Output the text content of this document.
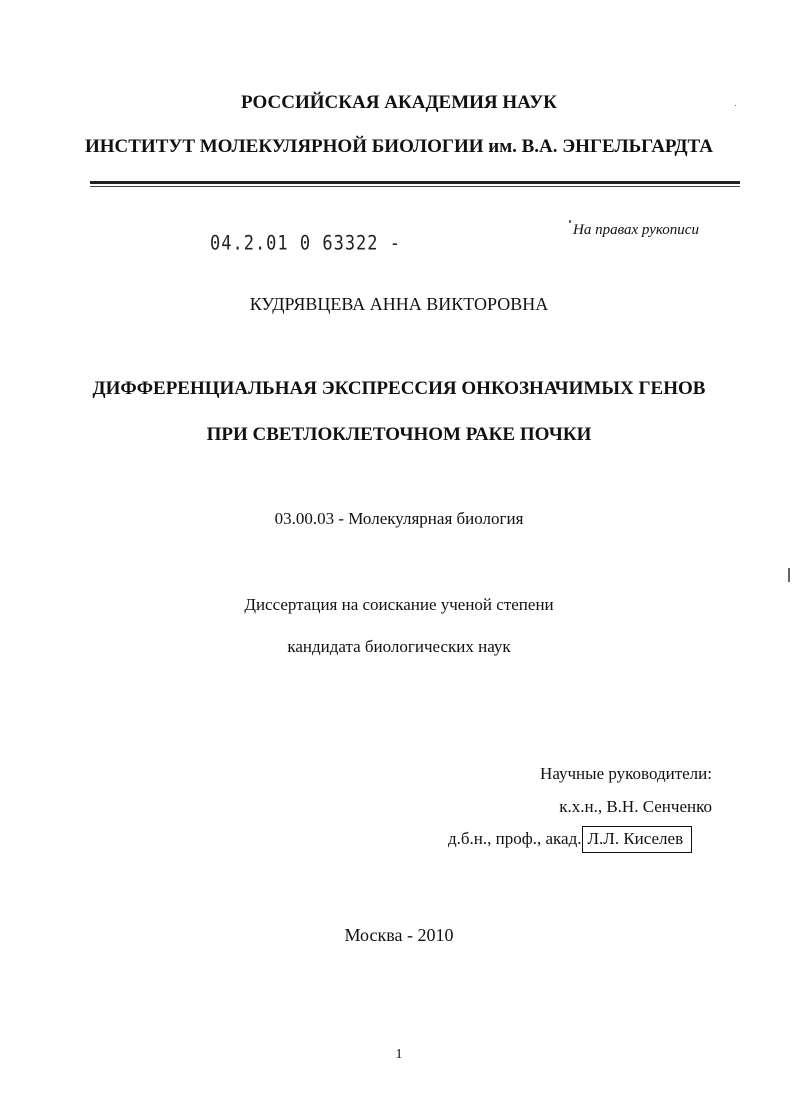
РОССИЙСКАЯ АКАДЕМИЯ НАУК
ИНСТИТУТ МОЛЕКУЛЯРНОЙ БИОЛОГИИ им. В.А. ЭНГЕЛЬГАРДТА
04.2.01 0 63322 -
На правах рукописи
КУДРЯВЦЕВА АННА ВИКТОРОВНА
ДИФФЕРЕНЦИАЛЬНАЯ ЭКСПРЕССИЯ ОНКОЗНАЧИМЫХ ГЕНОВ
ПРИ СВЕТЛОКЛЕТОЧНОМ РАКЕ ПОЧКИ
03.00.03 - Молекулярная биология
Диссертация на соискание ученой степени
кандидата биологических наук
Научные руководители:
к.х.н., В.Н. Сенченко
д.б.н., проф., акад. Л.Л. Киселев
Москва - 2010
1
